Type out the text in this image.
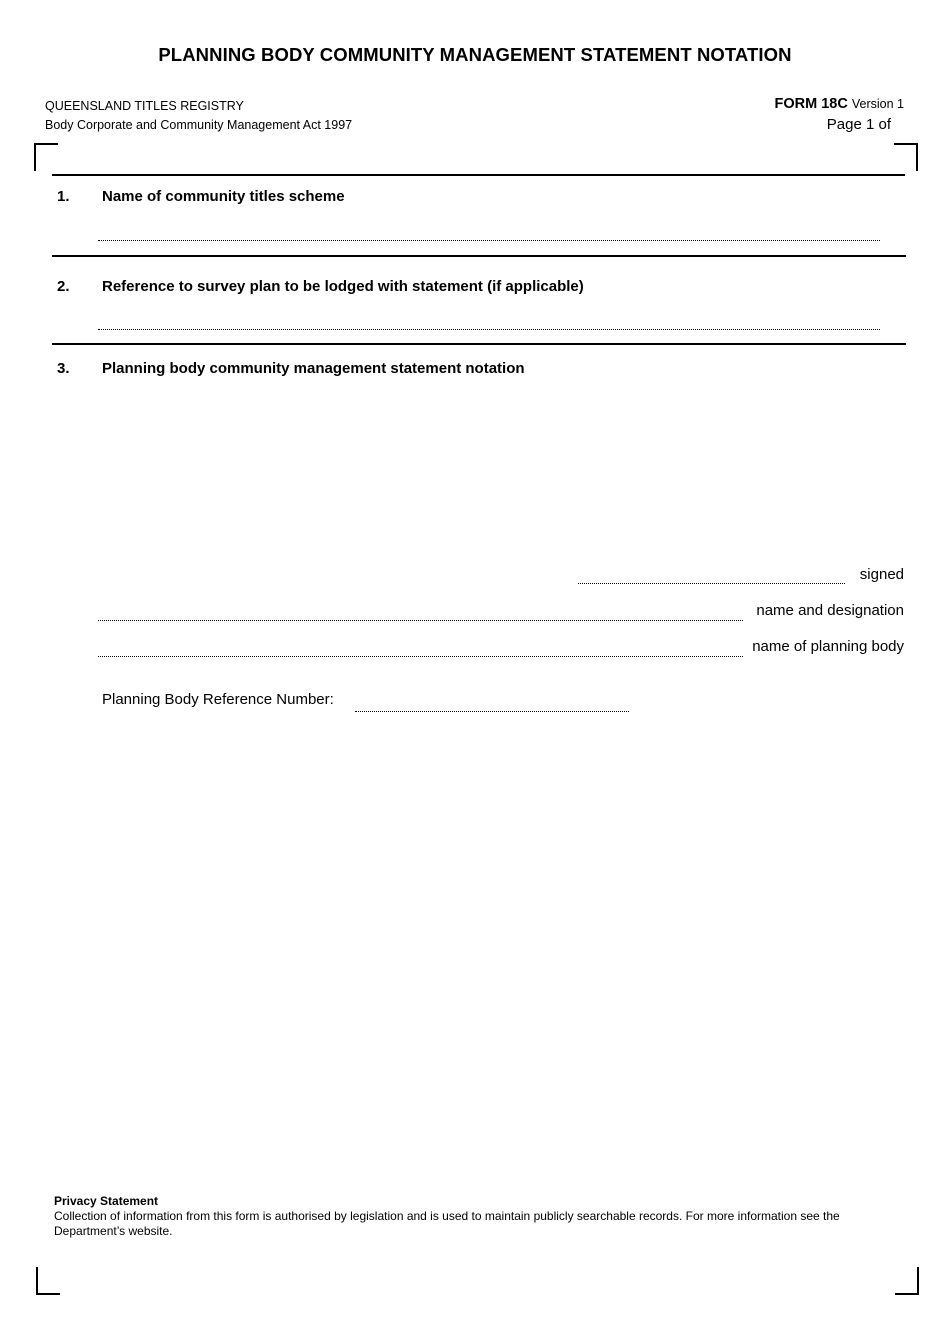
PLANNING BODY COMMUNITY MANAGEMENT STATEMENT NOTATION
QUEENSLAND TITLES REGISTRY
Body Corporate and Community Management Act 1997
FORM 18C Version 1
Page 1 of
1. Name of community titles scheme
2. Reference to survey plan to be lodged with statement (if applicable)
3. Planning body community management statement notation
signed
name and designation
name of planning body
Planning Body Reference Number:
Privacy Statement
Collection of information from this form is authorised by legislation and is used to maintain publicly searchable records. For more information see the Department’s website.
